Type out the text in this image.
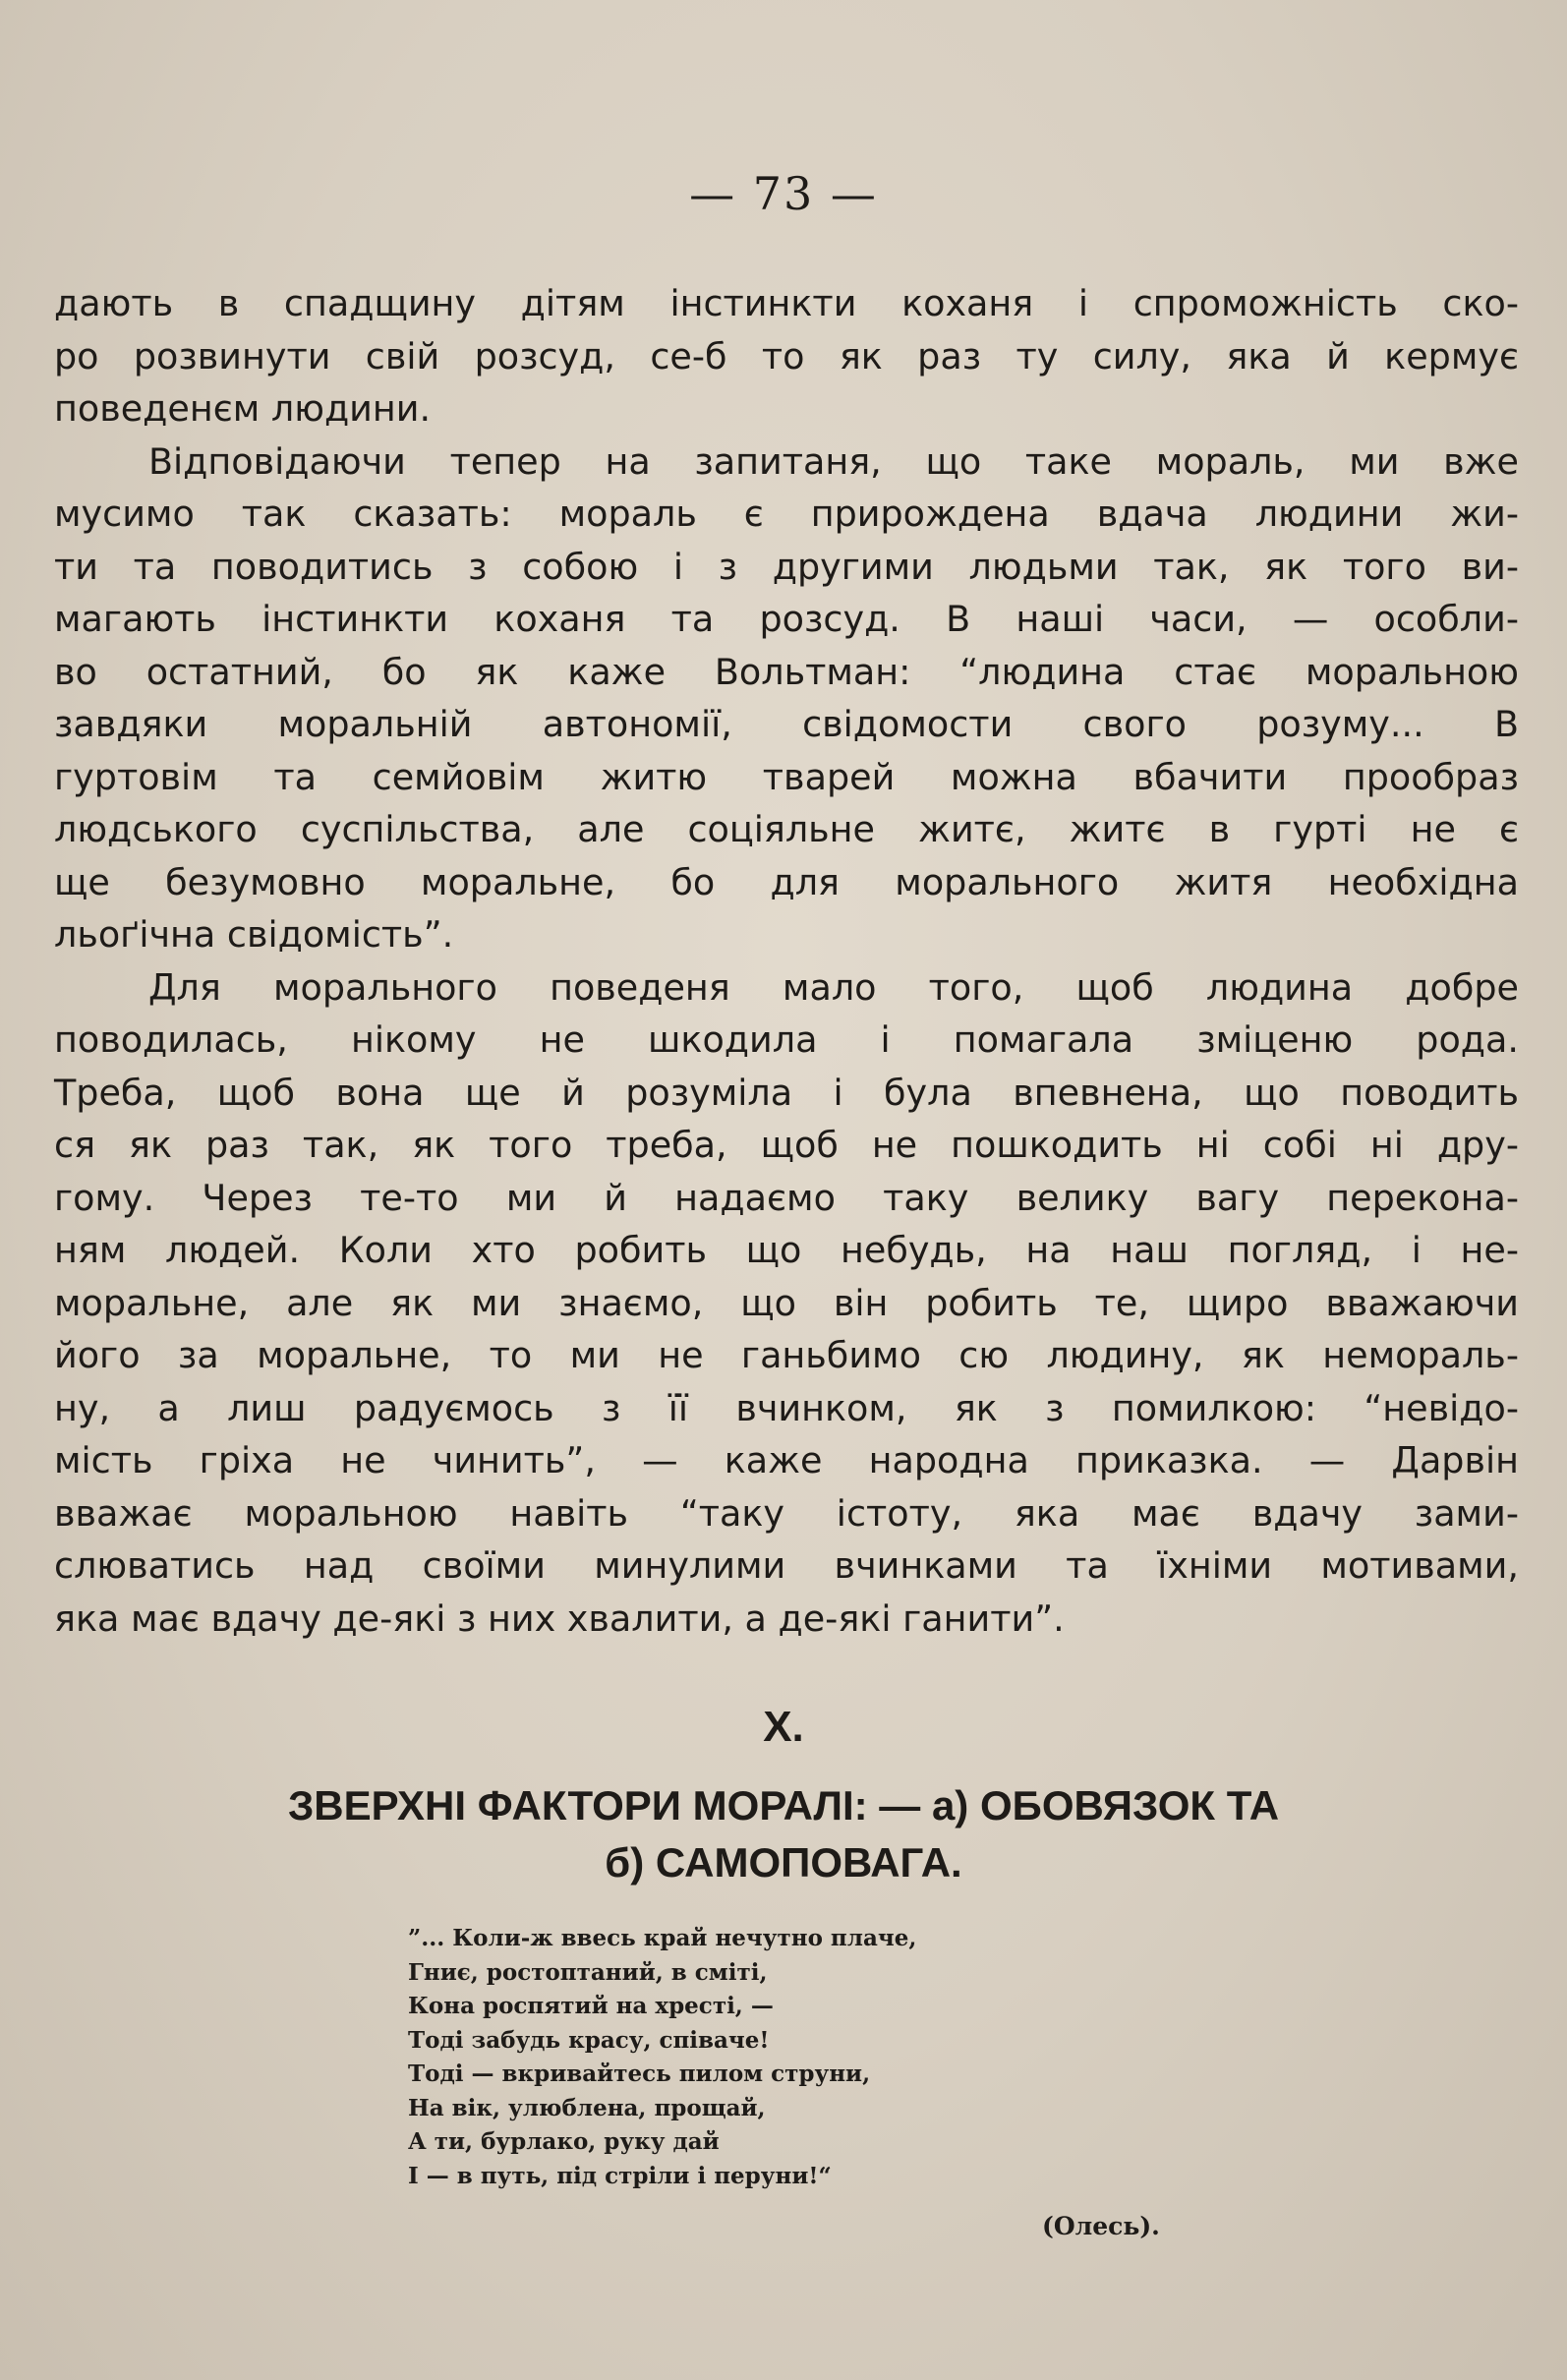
— 73 —

дають в спадщину дітям інстинкти коханя і спроможність ско-
ро розвинути свій розсуд, се-б то як раз ту силу, яка й кермує
поведенєм людини.

Відповідаючи тепер на запитаня, що таке мораль, ми вже
мусимо так сказать: мораль є прирождена вдача людини жи-
ти та поводитись з собою і з другими людьми так, як того ви-
магають інстинкти коханя та розсуд. В наші часи, — особли-
во остатний, бо як каже Вольтман: “людина стає моральною
завдяки моральній автономії, свідомости свого розуму... В
гуртовім та семйовім житю тварей можна вбачити прообраз
людського суспільства, але соціяльне житє, житє в гурті не є
ще безумовно моральне, бо для морального житя необхідна
льоґічна свідомість”.

Для морального поведеня мало того, щоб людина добре
поводилась, нікому не шкодила і помагала зміценю рода.
Треба, щоб вона ще й розуміла і була впевнена, що поводить
ся як раз так, як того треба, щоб не пошкодить ні собі ні дру-
гому. Через те-то ми й надаємо таку велику вагу переконa-
ням людей. Коли хто робить що небудь, на наш погляд, і не-
моральне, але як ми знаємо, що він робить те, щиро вважаючи
його за моральне, то ми не ганьбимо сю людину, як неморaль-
ну, а лиш радуємось з її вчинком, як з помилкою: “невідо-
мість гріха не чинить”, — каже народна приказка. — Дарвін
вважає моральною навіть “таку істоту, яка має вдачу зами-
слюватись над своїми минулими вчинками та їхніми мотивами,
яка має вдачу де-які з них хвалити, а де-які ганити”.

X.
ЗВЕРХНІ ФАКТОРИ МОРАЛІ: — а) ОБОВЯЗОК ТА
б) САМОПОВАГА.
”... Коли-ж ввесь край нечутно плаче,
Гниє, ростоптаний, в сміті,
Кона роспятий на хресті, —
Тоді забудь красу, співаче!
Тоді — вкривайтесь пилом струни,
На вік, улюблена, прощай,
А ти, бурлако, руку дай
І — в путь, під стріли і перуни!“
(Олесь).
